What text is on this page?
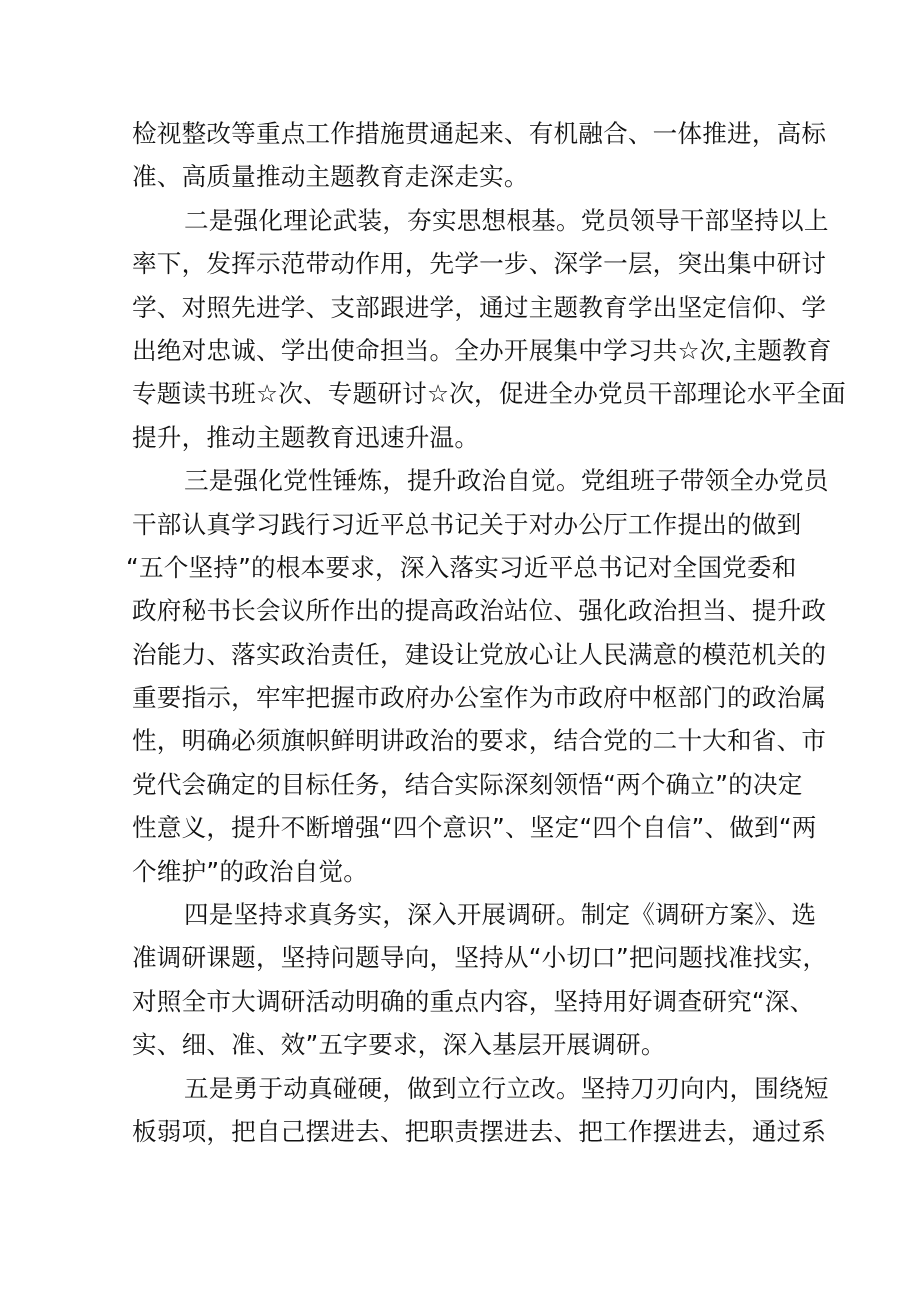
检视整改等重点工作措施贯通起来、有机融合、一体推进，高标
准、高质量推动主题教育走深走实。
二是强化理论武装，夯实思想根基。党员领导干部坚持以上
率下，发挥示范带动作用，先学一步、深学一层，突出集中研讨
学、对照先进学、支部跟进学，通过主题教育学出坚定信仰、学
出绝对忠诚、学出使命担当。全办开展集中学习共☆次,主题教育
专题读书班☆次、专题研讨☆次，促进全办党员干部理论水平全面
提升，推动主题教育迅速升温。
三是强化党性锤炼，提升政治自觉。党组班子带领全办党员
干部认真学习践行习近平总书记关于对办公厅工作提出的做到
“五个坚持”的根本要求，深入落实习近平总书记对全国党委和
政府秘书长会议所作出的提高政治站位、强化政治担当、提升政
治能力、落实政治责任，建设让党放心让人民满意的模范机关的
重要指示，牢牢把握市政府办公室作为市政府中枢部门的政治属
性，明确必须旗帜鲜明讲政治的要求，结合党的二十大和省、市
党代会确定的目标任务，结合实际深刻领悟“两个确立”的决定
性意义，提升不断增强“四个意识”、坚定“四个自信”、做到“两
个维护”的政治自觉。
四是坚持求真务实，深入开展调研。制定《调研方案》、选
准调研课题，坚持问题导向，坚持从“小切口”把问题找准找实，
对照全市大调研活动明确的重点内容，坚持用好调查研究“深、
实、细、准、效”五字要求，深入基层开展调研。
五是勇于动真碰硬，做到立行立改。坚持刀刃向内，围绕短
板弱项，把自己摆进去、把职责摆进去、把工作摆进去，通过系
